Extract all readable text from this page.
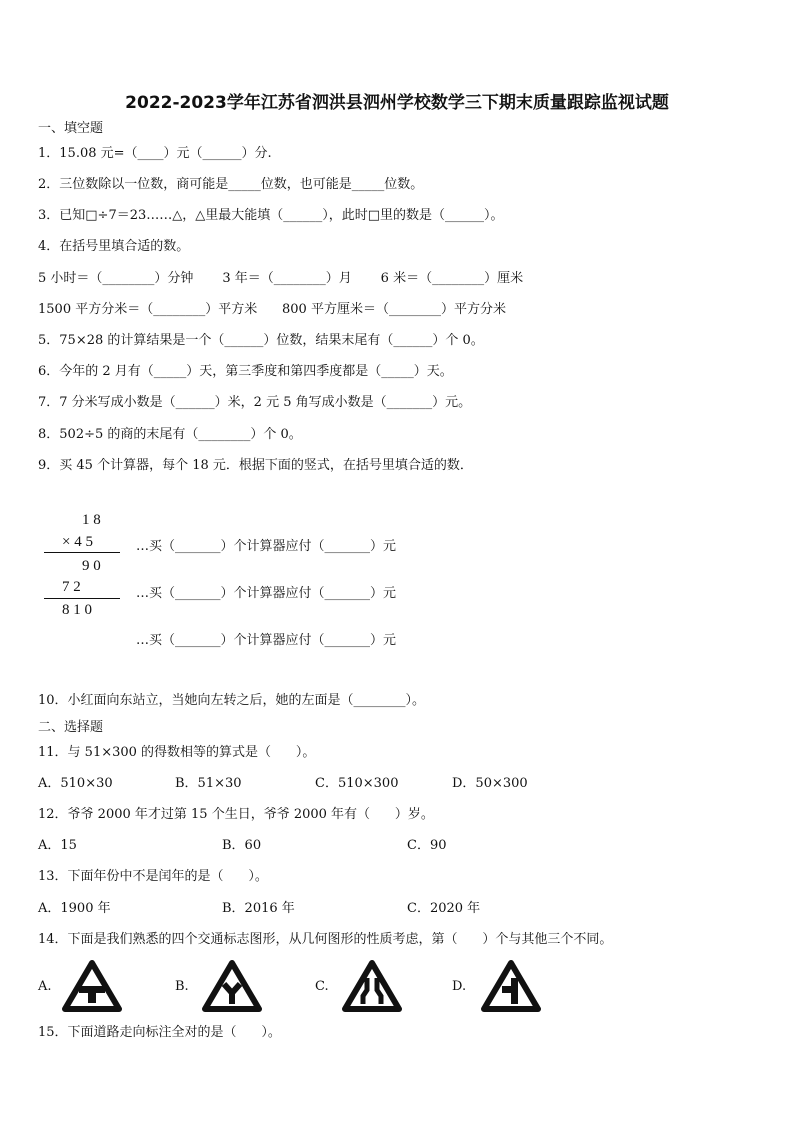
2022-2023学年江苏省泗洪县泗州学校数学三下期末质量跟踪监视试题
一、填空题
1．15.08 元=（____）元（______）分.
2．三位数除以一位数，商可能是_____位数，也可能是_____位数。
3．已知□÷7＝23……△，△里最大能填（______），此时□里的数是（______）。
4．在括号里填合适的数。
5 小时＝（________）分钟       3 年＝（________）月       6 米＝（________）厘米
1500 平方分米＝（________）平方米      800 平方厘米＝（________）平方分米
5．75×28 的计算结果是一个（______）位数，结果末尾有（______）个 0。
6．今年的 2 月有（_____）天，第三季度和第四季度都是（_____）天。
7．7 分米写成小数是（______）米，2 元 5 角写成小数是（_______）元。
8．502÷5 的商的末尾有（________）个 0。
9．买 45 个计算器，每个 18 元．根据下面的竖式，在括号里填合适的数．
1 8
× 4 5
9 0
7 2
8 1 0
…买（_______）个计算器应付（_______）元
…买（_______）个计算器应付（_______）元
…买（_______）个计算器应付（_______）元
10．小红面向东站立，当她向左转之后，她的左面是（________）。
二、选择题
11．与 51×300 的得数相等的算式是（      ）。
A．510×30	B．51×30	C．510×300	D．50×300
12．爷爷 2000 年才过第 15 个生日，爷爷 2000 年有（      ）岁。
A．15	B．60	C．90
13．下面年份中不是闰年的是（      ）。
A．1900 年	B．2016 年	C．2020 年
14．下面是我们熟悉的四个交通标志图形，从几何图形的性质考虑，第（      ）个与其他三个不同。
A.	B.	C.	D.
15．下面道路走向标注全对的是（      ）。
